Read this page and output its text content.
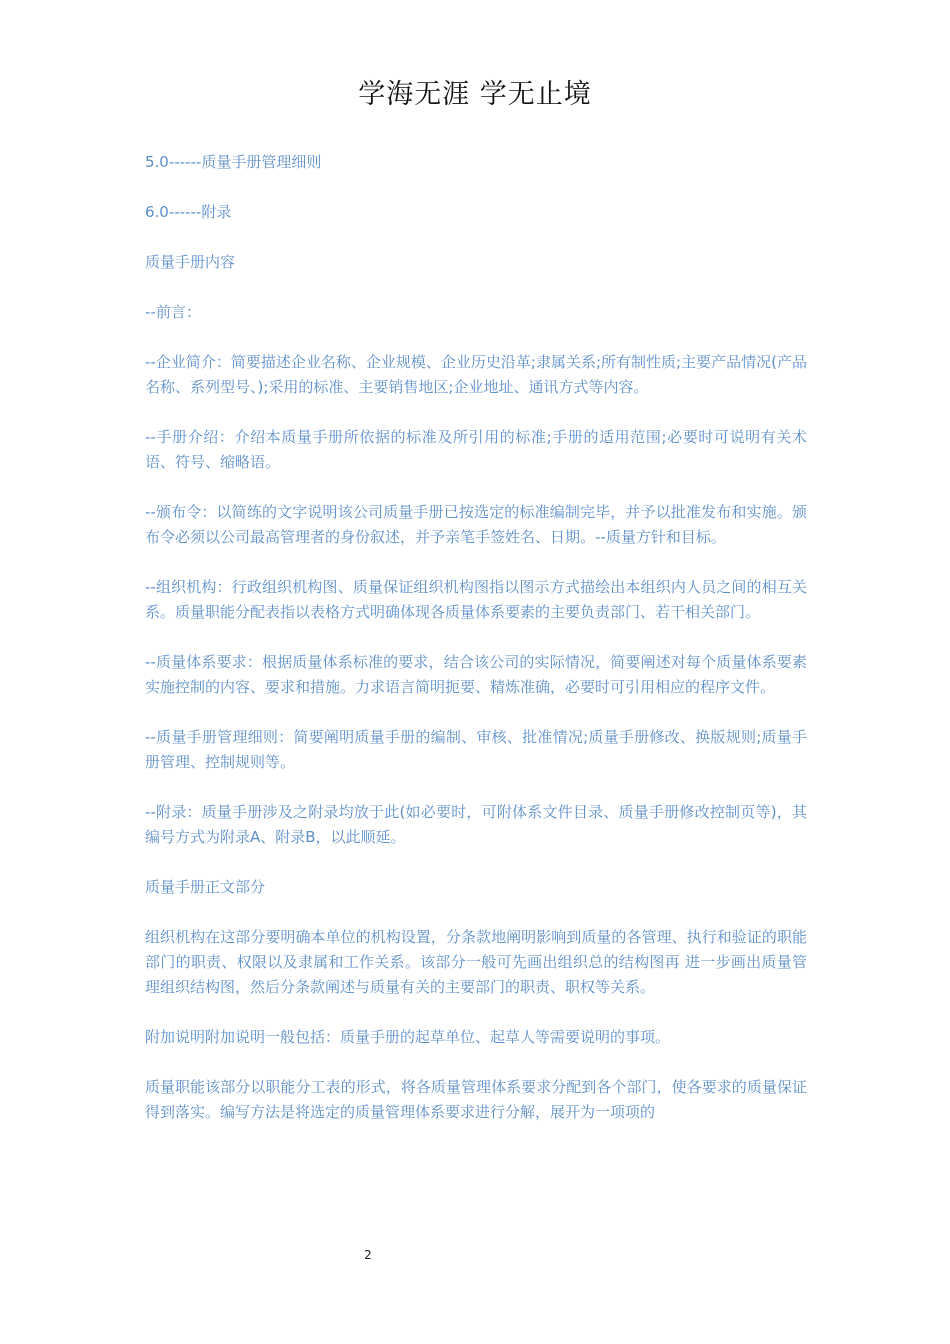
学海无涯 学无止境

5.0------质量手册管理细则

6.0------附录

质量手册内容

--前言：

--企业简介：简要描述企业名称、企业规模、企业历史沿革;隶属关系;所有制性质;主要产品情况(产品名称、系列型号、);采用的标准、主要销售地区;企业地址、通讯方式等内容。

--手册介绍：介绍本质量手册所依据的标准及所引用的标准;手册的适用范围;必要时可说明有关术语、符号、缩略语。

--颁布令：以简练的文字说明该公司质量手册已按选定的标准编制完毕，并予以批准发布和实施。颁布令必须以公司最高管理者的身份叙述，并予亲笔手签姓名、日期。--质量方针和目标。

--组织机构：行政组织机构图、质量保证组织机构图指以图示方式描绘出本组织内人员之间的相互关系。质量职能分配表指以表格方式明确体现各质量体系要素的主要负责部门、若干相关部门。

--质量体系要求：根据质量体系标准的要求，结合该公司的实际情况，简要阐述对每个质量体系要素实施控制的内容、要求和措施。力求语言简明扼要、精炼准确，必要时可引用相应的程序文件。

--质量手册管理细则：简要阐明质量手册的编制、审核、批准情况;质量手册修改、换版规则;质量手册管理、控制规则等。

--附录：质量手册涉及之附录均放于此(如必要时，可附体系文件目录、质量手册修改控制页等)，其编号方式为附录A、附录B，以此顺延。

质量手册正文部分

组织机构在这部分要明确本单位的机构设置，分条款地阐明影响到质量的各管理、执行和验证的职能部门的职责、权限以及隶属和工作关系。该部分一般可先画出组织总的结构图再 进一步画出质量管理组织结构图，然后分条款阐述与质量有关的主要部门的职责、职权等关系。

附加说明附加说明一般包括：质量手册的起草单位、起草人等需要说明的事项。

质量职能该部分以职能分工表的形式，将各质量管理体系要求分配到各个部门，使各要求的质量保证 得到落实。编写方法是将选定的质量管理体系要求进行分解，展开为一项项的

2
